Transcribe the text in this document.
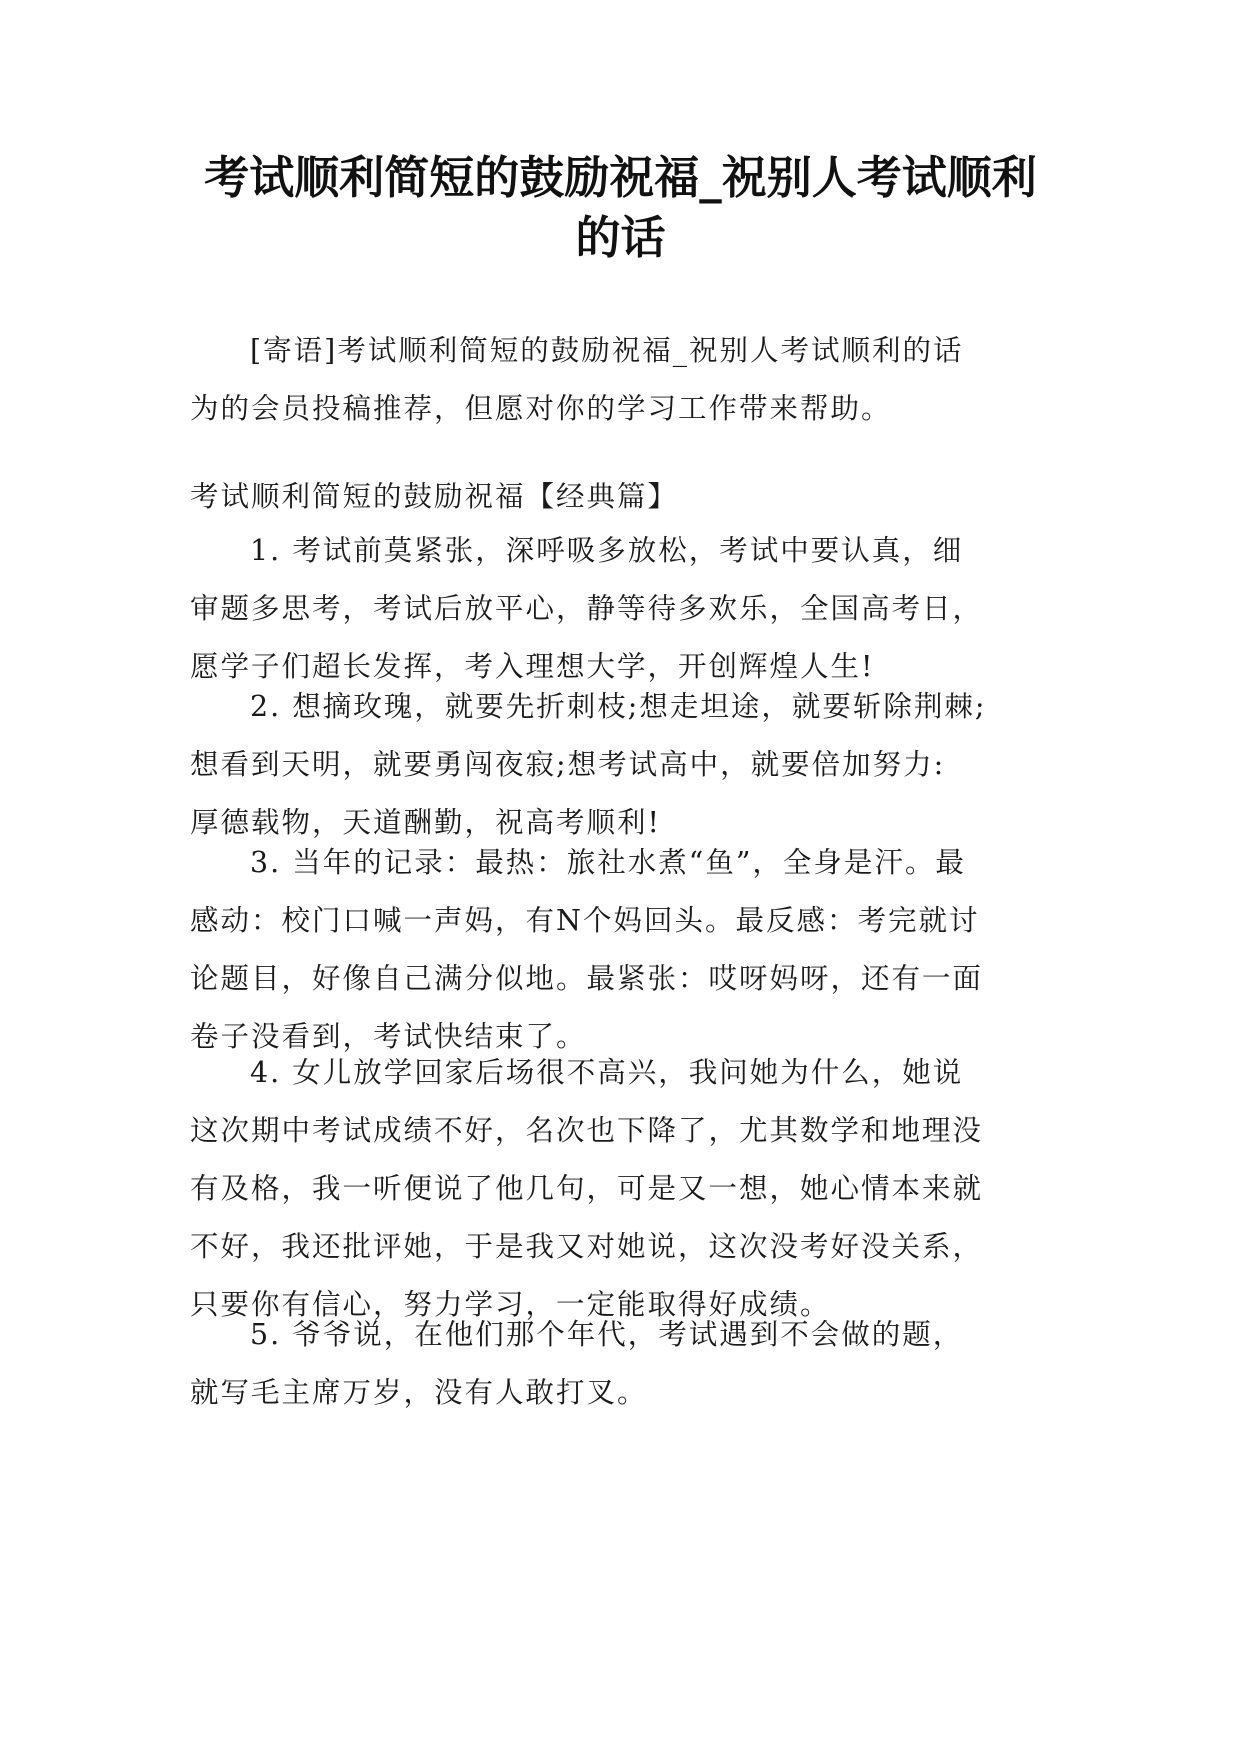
考试顺利简短的鼓励祝福_祝别人考试顺利
的话
[寄语]考试顺利简短的鼓励祝福_祝别人考试顺利的话
为的会员投稿推荐，但愿对你的学习工作带来帮助。
考试顺利简短的鼓励祝福【经典篇】
1. 考试前莫紧张，深呼吸多放松，考试中要认真，细
审题多思考，考试后放平心，静等待多欢乐，全国高考日，
愿学子们超长发挥，考入理想大学，开创辉煌人生!
2. 想摘玫瑰，就要先折刺枝;想走坦途，就要斩除荆棘;
想看到天明，就要勇闯夜寂;想考试高中，就要倍加努力:
厚德载物，天道酬勤，祝高考顺利!
3. 当年的记录：最热：旅社水煮“鱼”，全身是汗。最
感动：校门口喊一声妈，有N个妈回头。最反感：考完就讨
论题目，好像自己满分似地。最紧张：哎呀妈呀，还有一面
卷子没看到，考试快结束了。
4. 女儿放学回家后场很不高兴，我问她为什么，她说
这次期中考试成绩不好，名次也下降了，尤其数学和地理没
有及格，我一听便说了他几句，可是又一想，她心情本来就
不好，我还批评她，于是我又对她说，这次没考好没关系，
只要你有信心，努力学习，一定能取得好成绩。
5. 爷爷说，在他们那个年代，考试遇到不会做的题，
就写毛主席万岁，没有人敢打叉。
